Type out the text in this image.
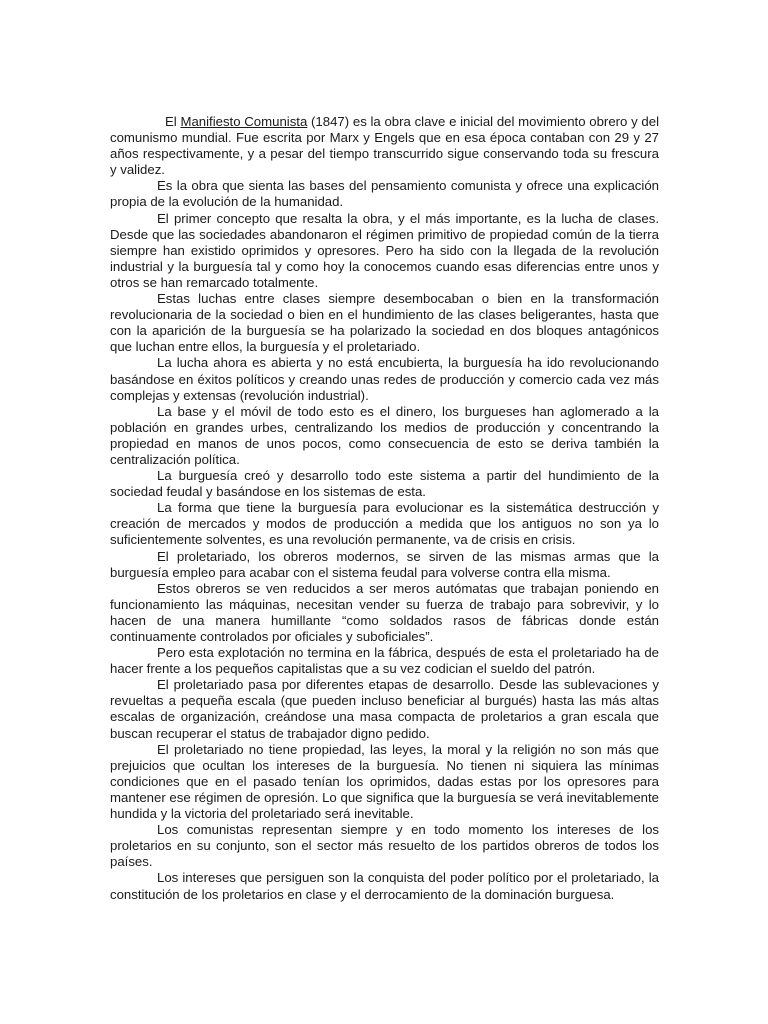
El Manifiesto Comunista (1847) es la obra clave e inicial del movimiento obrero y del comunismo mundial. Fue escrita por Marx y Engels que en esa época contaban con 29 y 27 años respectivamente, y a pesar del tiempo transcurrido sigue conservando toda su frescura y validez.

Es la obra que sienta las bases del pensamiento comunista y ofrece una explicación propia de la evolución de la humanidad.

El primer concepto que resalta la obra, y el más importante, es la lucha de clases. Desde que las sociedades abandonaron el régimen primitivo de propiedad común de la tierra siempre han existido oprimidos y opresores. Pero ha sido con la llegada de la revolución industrial y la burguesía tal y como hoy la conocemos cuando esas diferencias entre unos y otros se han remarcado totalmente.

Estas luchas entre clases siempre desembocaban o bien en la transformación revolucionaria de la sociedad o bien en el hundimiento de las clases beligerantes, hasta que con la aparición de la burguesía se ha polarizado la sociedad en dos bloques antagónicos que luchan entre ellos, la burguesía y el proletariado.

La lucha ahora es abierta y no está encubierta, la burguesía ha ido revolucionando basándose en éxitos políticos y creando unas redes de producción y comercio cada vez más complejas y extensas (revolución industrial).

La base y el móvil de todo esto es el dinero, los burgueses han aglomerado a la población en grandes urbes, centralizando los medios de producción y concentrando la propiedad en manos de unos pocos, como consecuencia de esto se deriva también la centralización política.

La burguesía creó y desarrollo todo este sistema a partir del hundimiento de la sociedad feudal y basándose en los sistemas de esta.

La forma que tiene la burguesía para evolucionar es la sistemática destrucción y creación de mercados y modos de producción a medida que los antiguos no son ya lo suficientemente solventes, es una revolución permanente, va de crisis en crisis.

El proletariado, los obreros modernos, se sirven de las mismas armas que la burguesía empleo para acabar con el sistema feudal para volverse contra ella misma.

Estos obreros se ven reducidos a ser meros autómatas que trabajan poniendo en funcionamiento las máquinas, necesitan vender su fuerza de trabajo para sobrevivir, y lo hacen de una manera humillante “como soldados rasos de fábricas donde están continuamente controlados por oficiales y suboficiales”.

Pero esta explotación no termina en la fábrica, después de esta el proletariado ha de hacer frente a los pequeños capitalistas que a su vez codician el sueldo del patrón.

El proletariado pasa por diferentes etapas de desarrollo. Desde las sublevaciones y revueltas a pequeña escala (que pueden incluso beneficiar al burgués) hasta las más altas escalas de organización, creándose una masa compacta de proletarios a gran escala que buscan recuperar el status de trabajador digno pedido.

El proletariado no tiene propiedad, las leyes, la moral y la religión no son más que prejuicios que ocultan los intereses de la burguesía. No tienen ni siquiera las mínimas condiciones que en el pasado tenían los oprimidos, dadas estas por los opresores para mantener ese régimen de opresión. Lo que significa que la burguesía se verá inevitablemente hundida y la victoria del proletariado será inevitable.

Los comunistas representan siempre y en todo momento los intereses de los proletarios en su conjunto, son el sector más resuelto de los partidos obreros de todos los países.

Los intereses que persiguen son la conquista del poder político por el proletariado, la constitución de los proletarios en clase y el derrocamiento de la dominación burguesa.
